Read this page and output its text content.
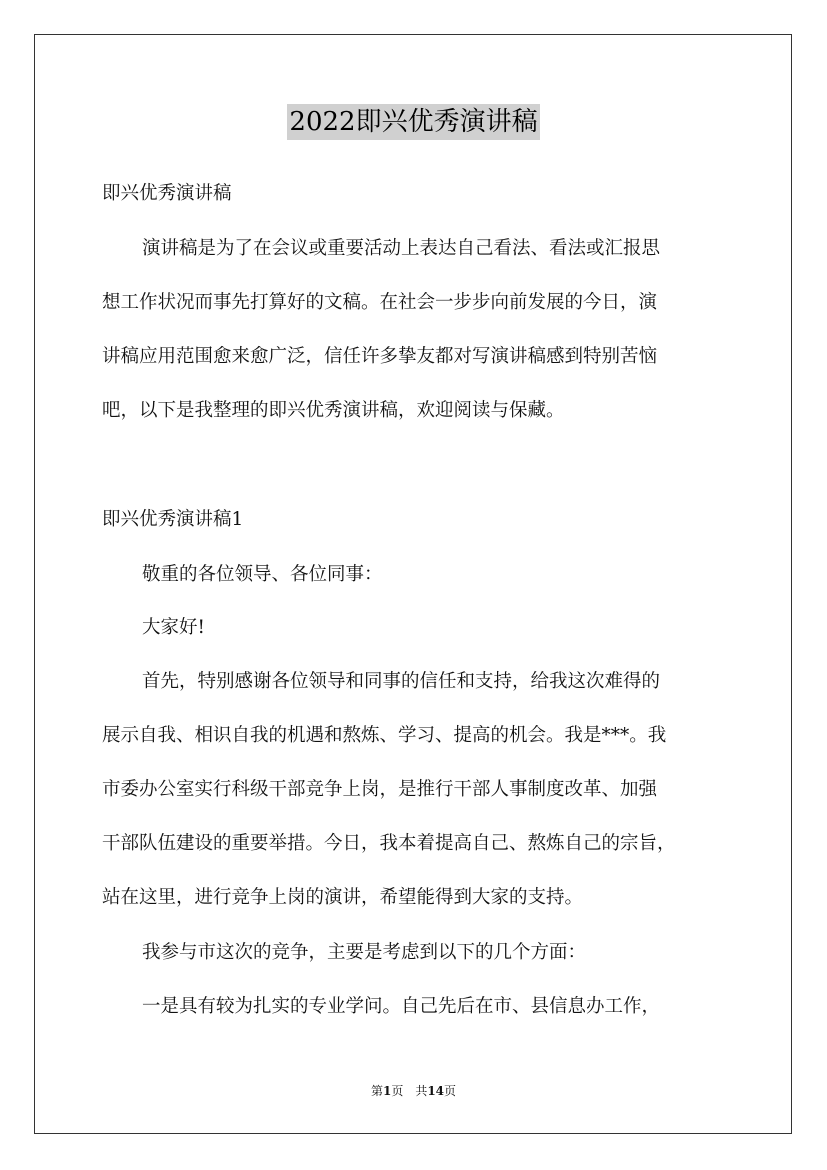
2022即兴优秀演讲稿
即兴优秀演讲稿
演讲稿是为了在会议或重要活动上表达自己看法、看法或汇报思
想工作状况而事先打算好的文稿。在社会一步步向前发展的今日，演
讲稿应用范围愈来愈广泛，信任许多挚友都对写演讲稿感到特别苦恼
吧，以下是我整理的即兴优秀演讲稿，欢迎阅读与保藏。
即兴优秀演讲稿1
敬重的各位领导、各位同事：
大家好!
首先，特别感谢各位领导和同事的信任和支持，给我这次难得的
展示自我、相识自我的机遇和熬炼、学习、提高的机会。我是***。我
市委办公室实行科级干部竞争上岗，是推行干部人事制度改革、加强
干部队伍建设的重要举措。今日，我本着提高自己、熬炼自己的宗旨，
站在这里，进行竞争上岗的演讲，希望能得到大家的支持。
我参与市这次的竞争，主要是考虑到以下的几个方面：
一是具有较为扎实的专业学问。自己先后在市、县信息办工作，
第1页　共14页
